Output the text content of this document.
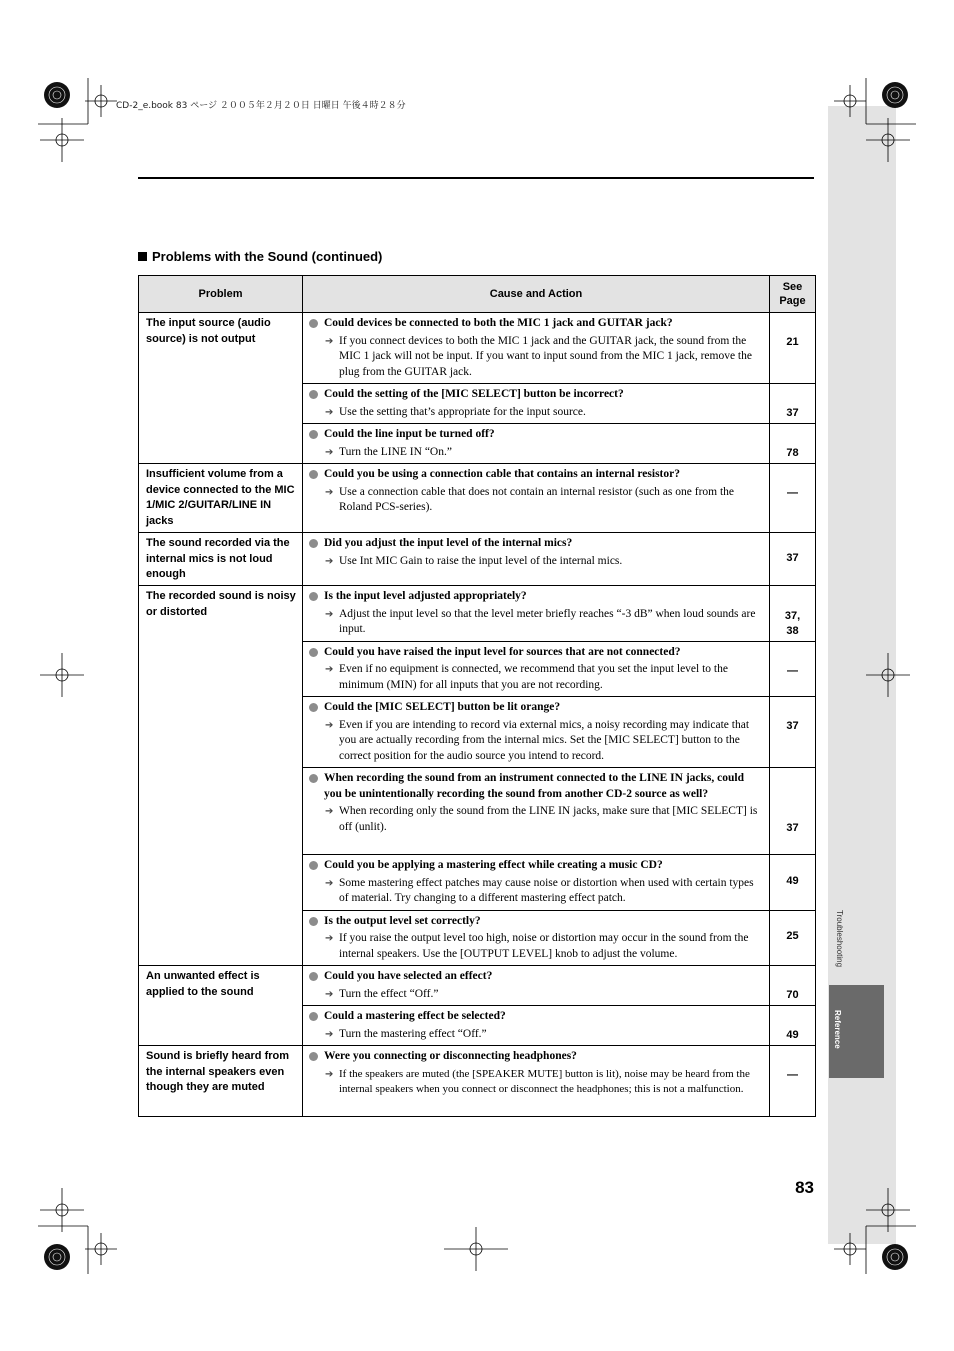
Troubleshooting
Reference
CD-2_e.book 83 ページ ２００５年２月２０日 日曜日 午後４時２８分
Problems with the Sound (continued)
Problem	Cause and Action	See Page
The input source (audio source) is not output	Could devices be connected to both the MIC 1 jack and GUITAR jack?
➔ If you connect devices to both the MIC 1 jack and the GUITAR jack, the sound from the MIC 1 jack will not be input. If you want to input sound from the MIC 1 jack, remove the plug from the GUITAR jack.	21

Could the setting of the [MIC SELECT] button be incorrect?
➔ Use the setting that’s appropriate for the input source.	37

Could the line input be turned off?
➔ Turn the LINE IN “On.”	78
Insufficient volume from a device connected to the MIC 1/MIC 2/GUITAR/LINE IN jacks	Could you be using a connection cable that contains an internal resistor?
➔ Use a connection cable that does not contain an internal resistor (such as one from the Roland PCS-series).	—
The sound recorded via the internal mics is not loud enough	Did you adjust the input level of the internal mics?
➔ Use Int MIC Gain to raise the input level of the internal mics.	37
The recorded sound is noisy or distorted	Is the input level adjusted appropriately?
➔ Adjust the input level so that the level meter briefly reaches “-3 dB” when loud sounds are input.	37, 38

Could you have raised the input level for sources that are not connected?
➔ Even if no equipment is connected, we recommend that you set the input level to the minimum (MIN) for all inputs that you are not recording.	—

Could the [MIC SELECT] button be lit orange?
➔ Even if you are intending to record via external mics, a noisy recording may indicate that you are actually recording from the internal mics. Set the [MIC SELECT] button to the correct position for the audio source you intend to record.	37

When recording the sound from an instrument connected to the LINE IN jacks, could you be unintentionally recording the sound from another CD-2 source as well?
➔ When recording only the sound from the LINE IN jacks, make sure that [MIC SELECT] is off (unlit).	37

Could you be applying a mastering effect while creating a music CD?
➔ Some mastering effect patches may cause noise or distortion when used with certain types of material. Try changing to a different mastering effect patch.	49

Is the output level set correctly?
➔ If you raise the output level too high, noise or distortion may occur in the sound from the internal speakers. Use the [OUTPUT LEVEL] knob to adjust the volume.	25
An unwanted effect is applied to the sound	Could you have selected an effect?
➔ Turn the effect “Off.”	70

Could a mastering effect be selected?
➔ Turn the mastering effect “Off.”	49
Sound is briefly heard from the internal speakers even though they are muted	Were you connecting or disconnecting headphones?
➔ If the speakers are muted (the [SPEAKER MUTE] button is lit), noise may be heard from the internal speakers when you connect or disconnect the headphones; this is not a malfunction.	—
83
